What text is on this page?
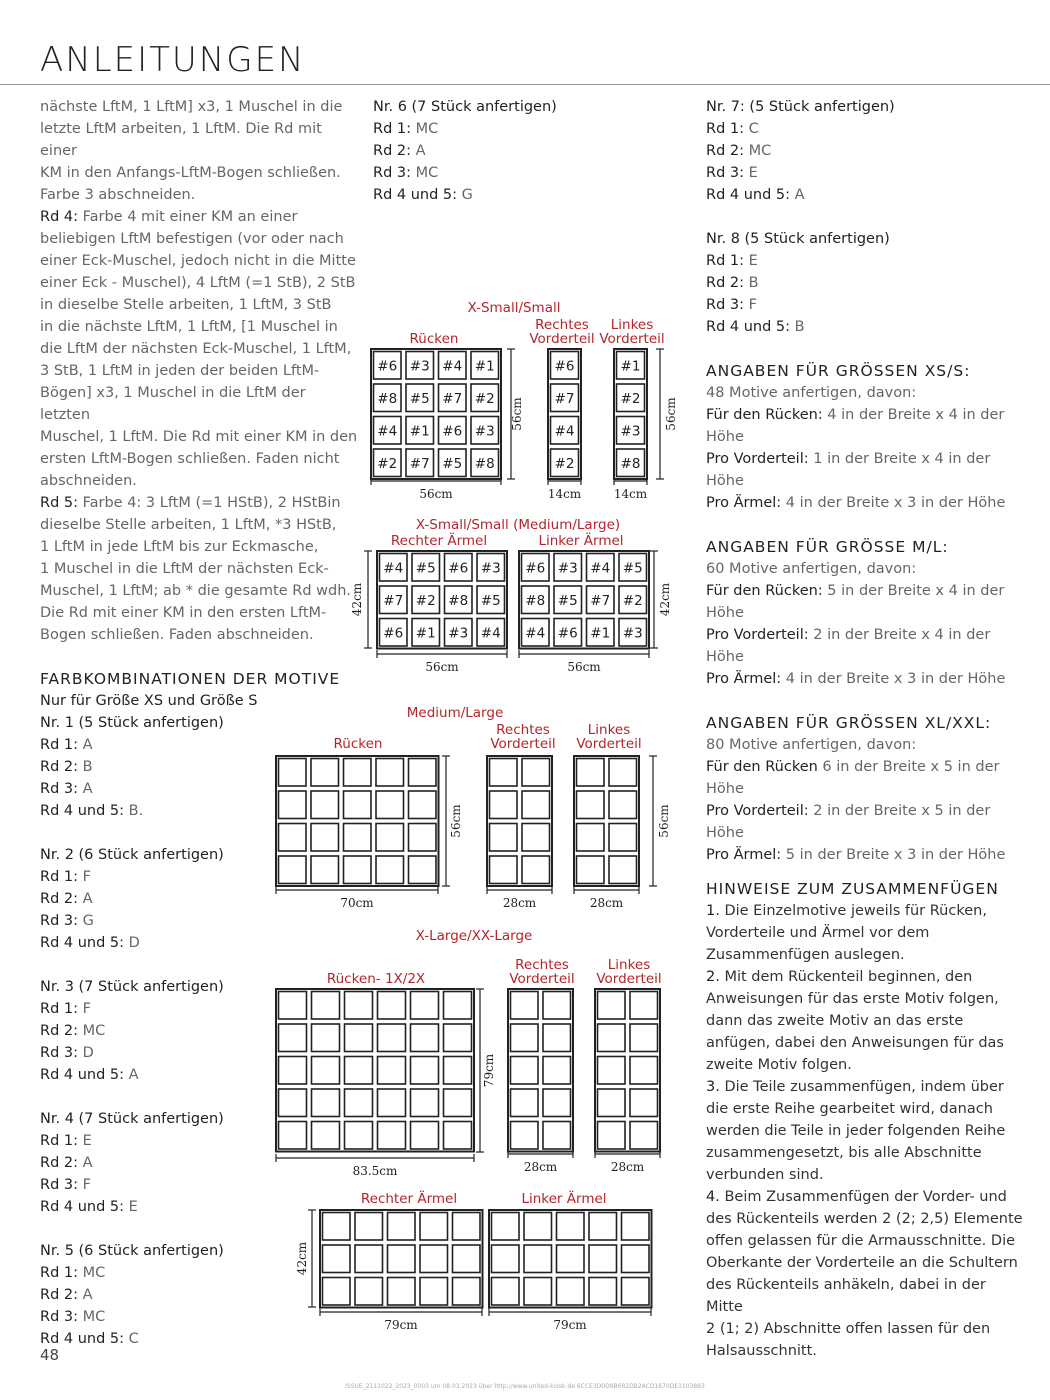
ANLEITUNGEN

nächste LftM, 1 LftM] x3, 1 Muschel in die

letzte LftM arbeiten, 1 LftM. Die Rd mit einer

KM in den Anfangs-LftM-Bogen schließen.

Farbe 3 abschneiden.

Rd 4: Farbe 4 mit einer KM an einer

beliebigen LftM befestigen (vor oder nach

einer Eck-Muschel, jedoch nicht in die Mitte

einer Eck - Muschel), 4 LftM (=1 StB), 2 StB

in dieselbe Stelle arbeiten, 1 LftM, 3 StB

in die nächste LftM, 1 LftM, [1 Muschel in

die LftM der nächsten Eck-Muschel, 1 LftM,

3 StB, 1 LftM in jeden der beiden LftM-

Bögen] x3, 1 Muschel in die LftM der letzten

Muschel, 1 LftM. Die Rd mit einer KM in den

ersten LftM-Bogen schließen. Faden nicht

abschneiden.

Rd 5: Farbe 4: 3 LftM (=1 HStB), 2 HStBin

dieselbe Stelle arbeiten, 1 LftM, *3 HStB,

1 LftM in jede LftM bis zur Eckmasche,

1 Muschel in die LftM der nächsten Eck-

Muschel, 1 LftM; ab * die gesamte Rd wdh.

Die Rd mit einer KM in den ersten LftM-

Bogen schließen. Faden abschneiden.

FARBKOMBINATIONEN DER MOTIVE

Nur für Größe XS und Größe S

Nr. 1 (5 Stück anfertigen)

Rd 1: A

Rd 2: B

Rd 3: A

Rd 4 und 5: B.

Nr. 2 (6 Stück anfertigen)

Rd 1: F

Rd 2: A

Rd 3: G

Rd 4 und 5: D

Nr. 3 (7 Stück anfertigen)

Rd 1: F

Rd 2: MC

Rd 3: D

Rd 4 und 5: A

Nr. 4 (7 Stück anfertigen)

Rd 1: E

Rd 2: A

Rd 3: F

Rd 4 und 5: E

Nr. 5 (6 Stück anfertigen)

Rd 1: MC

Rd 2: A

Rd 3: MC

Rd 4 und 5: C

Nr. 6 (7 Stück anfertigen)

Rd 1: MC

Rd 2: A

Rd 3: MC

Rd 4 und 5: G

Nr. 7: (5 Stück anfertigen)

Rd 1: C

Rd 2: MC

Rd 3: E

Rd 4 und 5: A

Nr. 8 (5 Stück anfertigen)

Rd 1: E

Rd 2: B

Rd 3: F

Rd 4 und 5: B

ANGABEN FÜR GRÖSSEN XS/S:

48 Motive anfertigen, davon:

Für den Rücken: 4 in der Breite x 4 in der

Höhe

Pro Vorderteil: 1 in der Breite x 4 in der Höhe

Pro Ärmel: 4 in der Breite x 3 in der Höhe

ANGABEN FÜR GRÖSSE M/L:

60 Motive anfertigen, davon:

Für den Rücken: 5 in der Breite x 4 in der

Höhe

Pro Vorderteil: 2 in der Breite x 4 in der Höhe

Pro Ärmel: 4 in der Breite x 3 in der Höhe

ANGABEN FÜR GRÖSSEN XL/XXL:

80 Motive anfertigen, davon:

Für den Rücken 6 in der Breite x 5 in der

Höhe

Pro Vorderteil: 2 in der Breite x 5 in der Höhe

Pro Ärmel: 5 in der Breite x 3 in der Höhe

HINWEISE ZUM ZUSAMMENFÜGEN

1. Die Einzelmotive jeweils für Rücken,

Vorderteile und Ärmel vor dem

Zusammenfügen auslegen.

2. Mit dem Rückenteil beginnen, den

Anweisungen für das erste Motiv folgen,

dann das zweite Motiv an das erste

anfügen, dabei den Anweisungen für das

zweite Motiv folgen.

3. Die Teile zusammenfügen, indem über

die erste Reihe gearbeitet wird, danach

werden die Teile in jeder folgenden Reihe

zusammengesetzt, bis alle Abschnitte

verbunden sind.

4. Beim Zusammenfügen der Vorder- und

des Rückenteils werden 2 (2; 2,5) Elemente

offen gelassen für die Armausschnitte. Die

Oberkante der Vorderteile an die Schultern

des Rückenteils anhäkeln, dabei in der Mitte

2 (1; 2) Abschnitte offen lassen für den

Halsausschnitt.

X-Small/Small
Rücken
Rechtes
Vorderteil
Linkes
Vorderteil
#6 #3 #4 #1
#8 #5 #7 #2
#4 #1 #6 #3
#2 #7 #5 #8
#6
#7
#4
#2
#1
#2
#3
#8
56cm
56cm
14cm	14cm
56cm
X-Small/Small (Medium/Large)
Rechter Ärmel	Linker Ärmel
#4 #5 #6 #3
#7 #2 #8 #5
#6 #1 #3 #4
#6 #3 #4 #5
#8 #5 #7 #2
#4 #6 #1 #3
42cm	42cm
56cm	56cm
Medium/Large
Rücken
Rechtes
Vorderteil
Linkes
Vorderteil
70cm
56cm
28cm	28cm
56cm
X-Large/XX-Large
Rücken- 1X/2X
Rechtes
Vorderteil
Linkes
Vorderteil
83.5cm
79cm
28cm	28cm
Rechter Ärmel	Linker Ärmel
42cm
79cm	79cm
48
ISSUE_2111022_2023_0003 um 08.03.2023 über http://www.united-kiosk.de 6CCE3D0D9B682DB2ACD1670DE1103883
